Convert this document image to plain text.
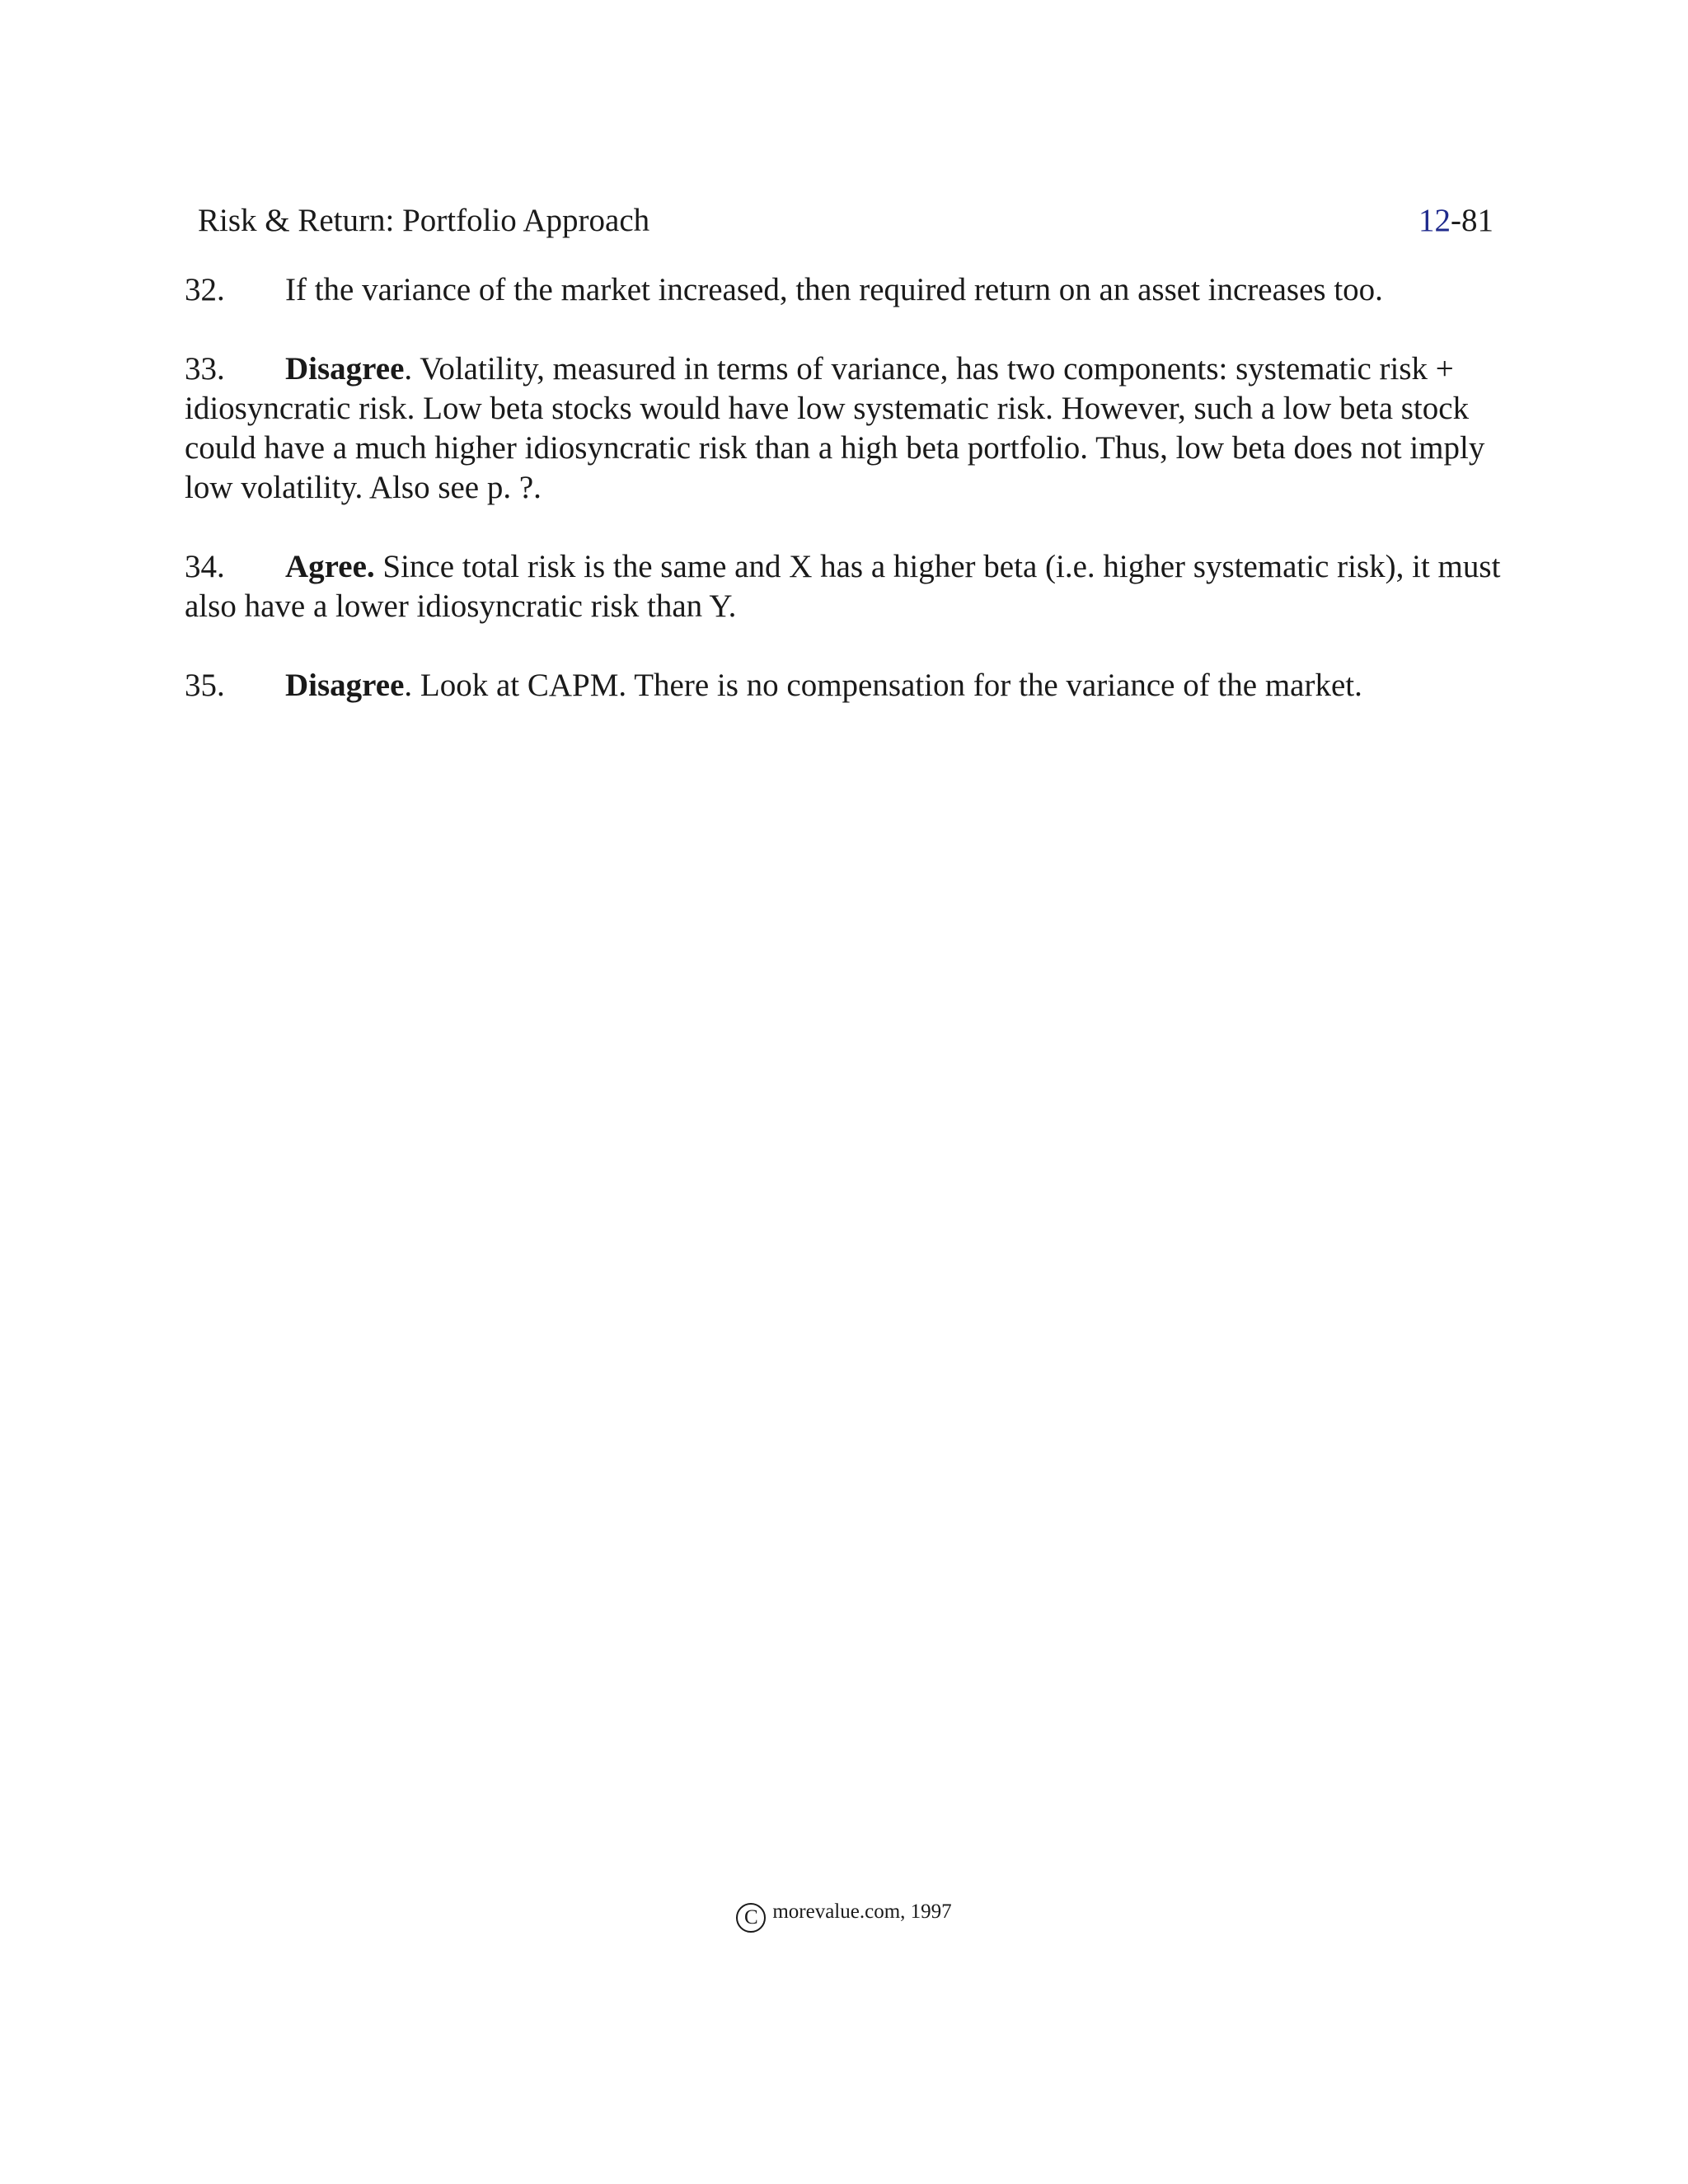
Risk & Return: Portfolio Approach	12-81

32. If the variance of the market increased, then required return on an asset increases too.

33. Disagree. Volatility, measured in terms of variance, has two components: systematic risk + idiosyncratic risk. Low beta stocks would have low systematic risk. However, such a low beta stock could have a much higher idiosyncratic risk than a high beta portfolio. Thus, low beta does not imply low volatility. Also see p. ?.

34. Agree. Since total risk is the same and X has a higher beta (i.e. higher systematic risk), it must also have a lower idiosyncratic risk than Y.

35. Disagree. Look at CAPM. There is no compensation for the variance of the market.

C morevalue.com, 1997
